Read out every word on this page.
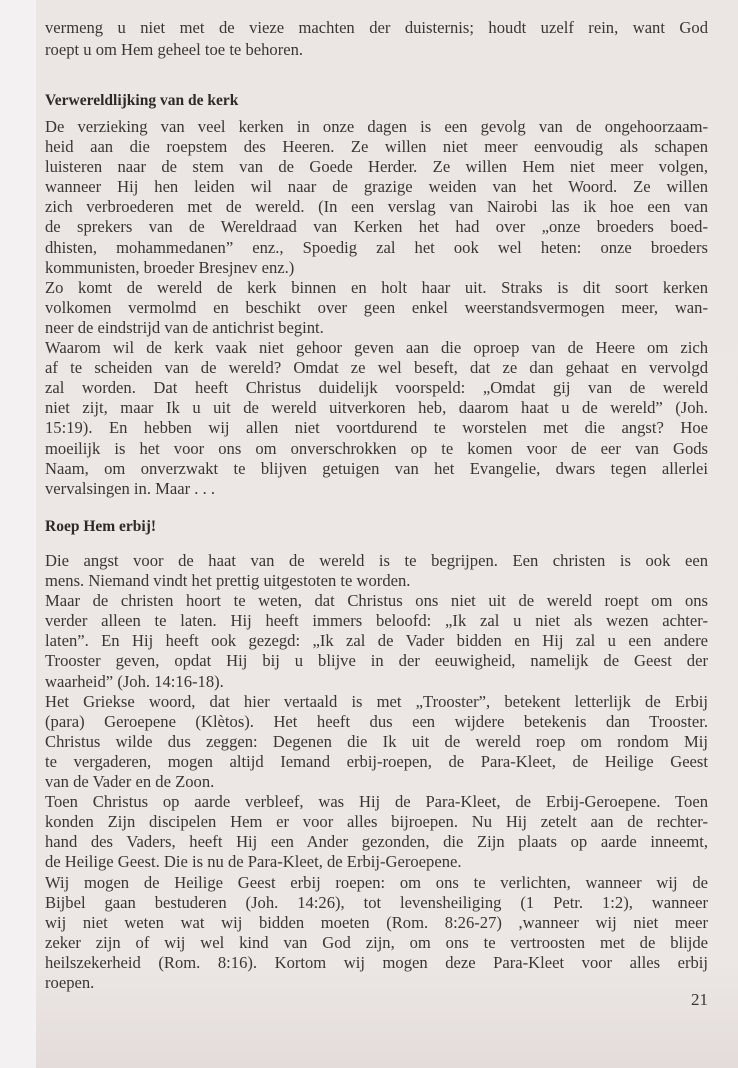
vermeng u niet met de vieze machten der duisternis; houdt uzelf rein, want God
roept u om Hem geheel toe te behoren.
Verwereldlijking van de kerk
De verzieking van veel kerken in onze dagen is een gevolg van de ongehoorzaam-
heid aan die roepstem des Heeren. Ze willen niet meer eenvoudig als schapen
luisteren naar de stem van de Goede Herder. Ze willen Hem niet meer volgen,
wanneer Hij hen leiden wil naar de grazige weiden van het Woord. Ze willen
zich verbroederen met de wereld. (In een verslag van Nairobi las ik hoe een van
de sprekers van de Wereldraad van Kerken het had over „onze broeders boed-
dhisten, mohammedanen” enz., Spoedig zal het ook wel heten: onze broeders
kommunisten, broeder Bresjnev enz.)
Zo komt de wereld de kerk binnen en holt haar uit. Straks is dit soort kerken
volkomen vermolmd en beschikt over geen enkel weerstandsvermogen meer, wan-
neer de eindstrijd van de antichrist begint.
Waarom wil de kerk vaak niet gehoor geven aan die oproep van de Heere om zich
af te scheiden van de wereld? Omdat ze wel beseft, dat ze dan gehaat en vervolgd
zal worden. Dat heeft Christus duidelijk voorspeld: „Omdat gij van de wereld
niet zijt, maar Ik u uit de wereld uitverkoren heb, daarom haat u de wereld” (Joh.
15:19). En hebben wij allen niet voortdurend te worstelen met die angst? Hoe
moeilijk is het voor ons om onverschrokken op te komen voor de eer van Gods
Naam, om onverzwakt te blijven getuigen van het Evangelie, dwars tegen allerlei
vervalsingen in. Maar . . .
Roep Hem erbij!
Die angst voor de haat van de wereld is te begrijpen. Een christen is ook een
mens. Niemand vindt het prettig uitgestoten te worden.
Maar de christen hoort te weten, dat Christus ons niet uit de wereld roept om ons
verder alleen te laten. Hij heeft immers beloofd: „Ik zal u niet als wezen achter-
laten”. En Hij heeft ook gezegd: „Ik zal de Vader bidden en Hij zal u een andere
Trooster geven, opdat Hij bij u blijve in der eeuwigheid, namelijk de Geest der
waarheid” (Joh. 14:16-18).
Het Griekse woord, dat hier vertaald is met „Trooster”, betekent letterlijk de Erbij
(para) Geroepene (Klètos). Het heeft dus een wijdere betekenis dan Trooster.
Christus wilde dus zeggen: Degenen die Ik uit de wereld roep om rondom Mij
te vergaderen, mogen altijd Iemand erbij-roepen, de Para-Kleet, de Heilige Geest
van de Vader en de Zoon.
Toen Christus op aarde verbleef, was Hij de Para-Kleet, de Erbij-Geroepene. Toen
konden Zijn discipelen Hem er voor alles bijroepen. Nu Hij zetelt aan de rechter-
hand des Vaders, heeft Hij een Ander gezonden, die Zijn plaats op aarde inneemt,
de Heilige Geest. Die is nu de Para-Kleet, de Erbij-Geroepene.
Wij mogen de Heilige Geest erbij roepen: om ons te verlichten, wanneer wij de
Bijbel gaan bestuderen (Joh. 14:26), tot levensheiliging (1 Petr. 1:2), wanneer
wij niet weten wat wij bidden moeten (Rom. 8:26-27) ,wanneer wij niet meer
zeker zijn of wij wel kind van God zijn, om ons te vertroosten met de blijde
heilszekerheid (Rom. 8:16). Kortom wij mogen deze Para-Kleet voor alles erbij
roepen.
21
